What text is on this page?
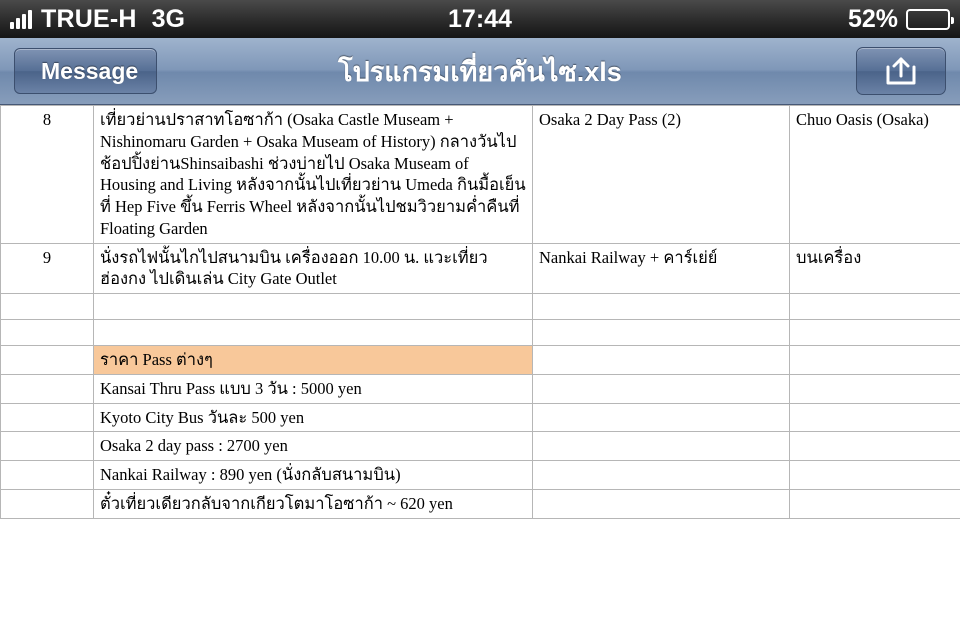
TRUE-H 3G	17:44	52%
Message	โปรแกรมเที่ยวคันไซ.xls
8	เที่ยวย่านปราสาทโอซาก้า (Osaka Castle Museam + Nishinomaru Garden + Osaka Museam of History) กลางวันไปช้อปปิ้งย่านShinsaibashi ช่วงบ่ายไป Osaka Museam of Housing and Living หลังจากนั้นไปเที่ยวย่าน Umeda กินมื้อเย็นที่ Hep Five ขึ้น Ferris Wheel หลังจากนั้นไปชมวิวยามค่ำคืนที่ Floating Garden	Osaka 2 Day Pass (2)	Chuo Oasis (Osaka)
9	นั่งรถไฟนั้นไกไปสนามบิน เครื่องออก 10.00 น. แวะเที่ยวฮ่องกง ไปเดินเล่น City Gate Outlet	Nankai Railway + คาร์เย่ย์	บนเครื่อง

	ราคา Pass ต่างๆ		
	Kansai Thru Pass แบบ 3 วัน : 5000 yen		
	Kyoto City Bus วันละ 500 yen		
	Osaka 2 day pass : 2700 yen		
	Nankai Railway : 890 yen (นั่งกลับสนามบิน)		
	ตั๋วเที่ยวเดียวกลับจากเกียวโตมาโอซาก้า ~ 620 yen		
